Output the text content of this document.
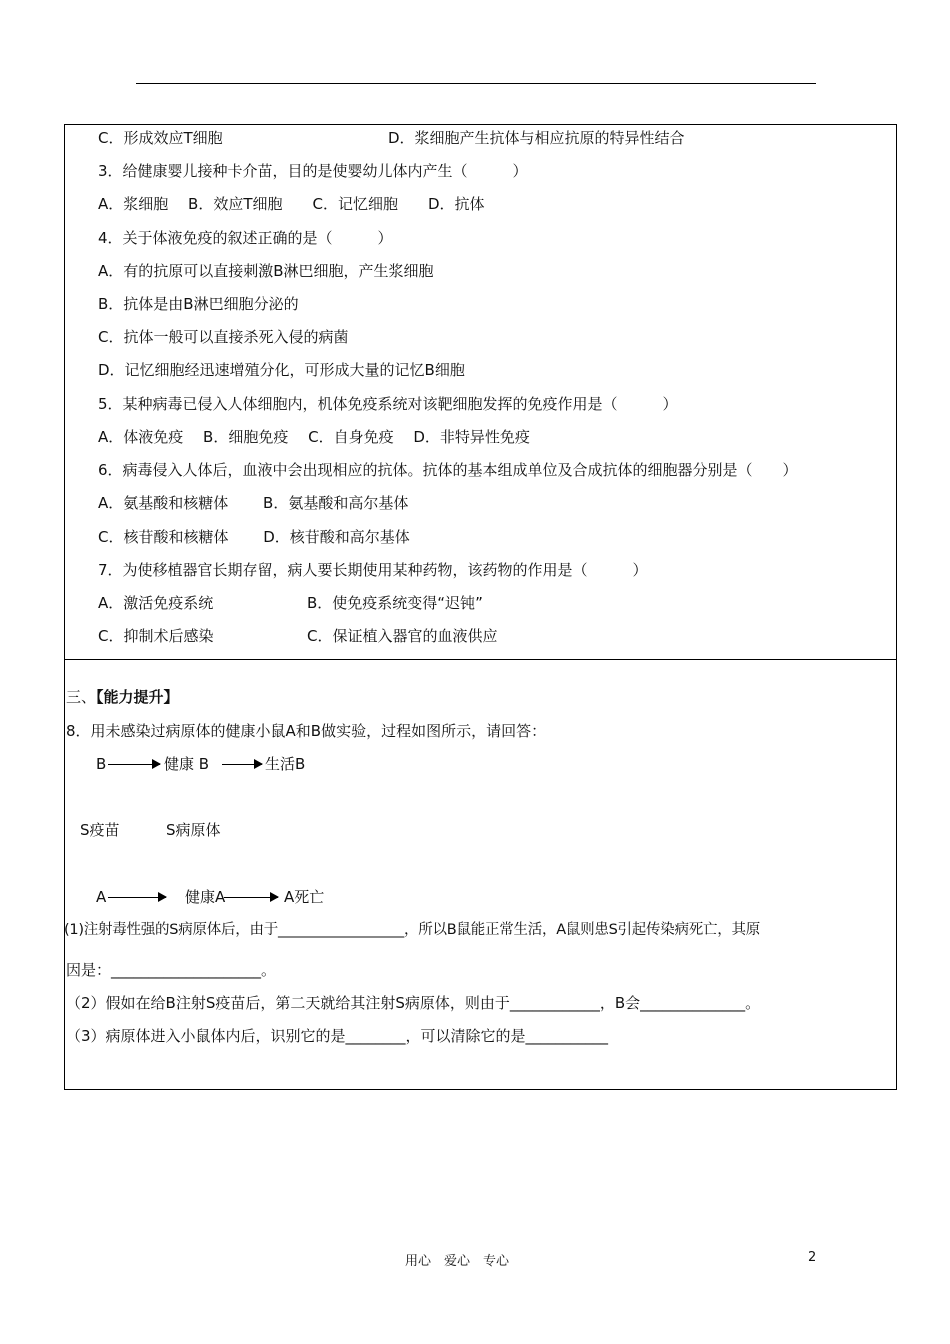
C．形成效应T细胞	D．浆细胞产生抗体与相应抗原的特异性结合
3．给健康婴儿接种卡介苗，目的是使婴幼儿体内产生（　　　）
A．浆细胞　 B．效应T细胞　　C．记忆细胞　　D．抗体
4．关于体液免疫的叙述正确的是（　　　）
A．有的抗原可以直接刺激B淋巴细胞，产生浆细胞
B．抗体是由B淋巴细胞分泌的
C．抗体一般可以直接杀死入侵的病菌
D．记忆细胞经迅速增殖分化，可形成大量的记忆B细胞
5．某种病毒已侵入人体细胞内，机体免疫系统对该靶细胞发挥的免疫作用是（　　　）
A．体液免疫　 B．细胞免疫　 C．自身免疫　 D．非特异性免疫
6．病毒侵入人体后，血液中会出现相应的抗体。抗体的基本组成单位及合成抗体的细胞器分别是（　　）
A．氨基酸和核糖体　　 B．氨基酸和高尔基体
C．核苷酸和核糖体　　 D．核苷酸和高尔基体
7．为使移植器官长期存留，病人要长期使用某种药物，该药物的作用是（　　　）
A．激活免疫系统	B．使免疫系统变得“迟钝”
C．抑制术后感染	C．保证植入器官的血液供应
三、【能力提升】
8．用未感染过病原体的健康小鼠A和B做实验，过程如图所示，请回答：
B	健康 B	生活B
S疫苗	S病原体
A	健康A	A死亡
(1)注射毒性强的S病原体后，由于__________________，所以B鼠能正常生活，A鼠则患S引起传染病死亡，其原
因是：____________________。
（2）假如在给B注射S疫苗后，第二天就给其注射S病原体，则由于____________，B会______________。
（3）病原体进入小鼠体内后，识别它的是________，可以清除它的是___________
用心　爱心　专心	2
